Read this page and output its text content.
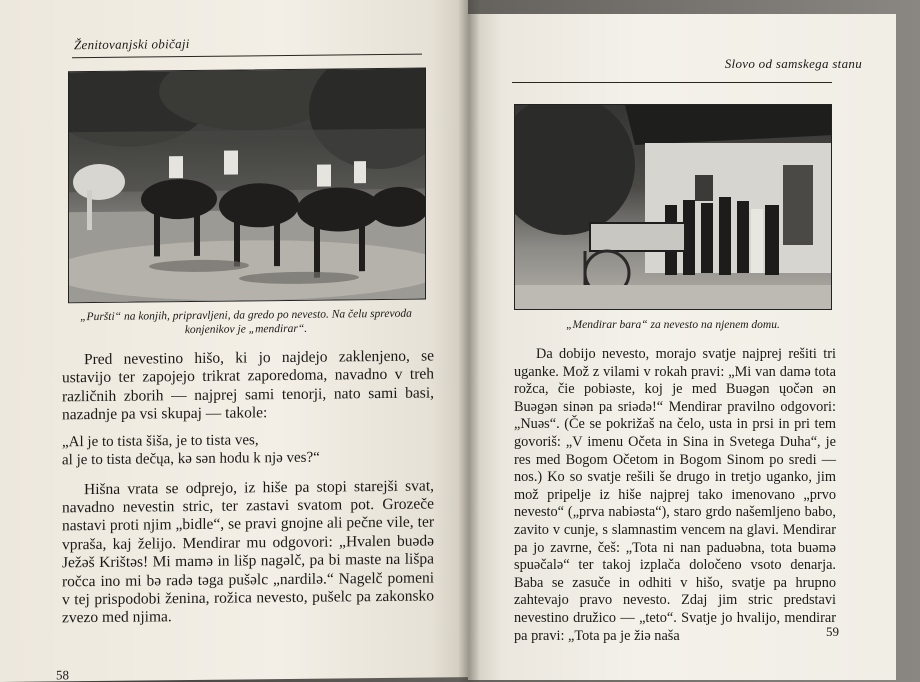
Ženitovanjski običaji
„Puršti“ na konjih, pripravljeni, da gredo po nevesto. Na čelu sprevoda konjenikov je „mendirar“.

Pred nevestino hišo, ki jo najdejo zaklenjeno, se ustavijo ter zapojejo trikrat zaporedoma, navadno v treh različnih zborih — najprej sami tenorji, nato sami basi, nazadnje pa vsi skupaj — takole:

„Al je to tista šiša, je to tista ves,
al je to tista dečųa, kə sən hodu k njə ves?“

Hišna vrata se odprejo, iz hiše pa stopi starejši svat, navadno nevestin stric, ter zastavi svatom pot. Grozeče nastavi proti njim „bidle“, se pravi gnojne ali pečne vile, ter vpraša, kaj želijo. Mendirar mu odgovori: „Hvalen buədə Ježəš Krištəs! Mi mamə in lišp nagəlč, pa bi maste na lišpa ročca ino mi bə radə tǝga pušəlc „nardilǝ.“ Nagelč pomeni v tej prispodobi ženina, rožica nevesto, pušelc pa zakonsko zvezo med njima.

58
Slovo od samskega stanu
„Mendirar bara“ za nevesto na njenem domu.

Da dobijo nevesto, morajo svatje najprej rešiti tri uganke. Mož z vilami v rokah pravi: „Mi van damə tota rožca, čie pobiəste, koj je med Buəgən ųočən ən Buəgən sinən pa sriədə!“ Mendirar pravilno odgovori: „Nuəs“. (Če se pokrižaš na čelo, usta in prsi in pri tem govoriš: „V imenu Očeta in Sina in Svetega Duha“, je res med Bogom Očetom in Bogom Sinom po sredi — nos.) Ko so svatje rešili še drugo in tretjo uganko, jim mož pripelje iz hiše najprej tako imenovano „prvo nevesto“ („prva nabiəsta“), staro grdo našemljeno babo, zavito v cunje, s slamnastim vencem na glavi. Mendirar pa jo zavrne, češ: „Tota ni nan paduəbna, tota buəmə spuəčalə“ ter takoj izplača določeno vsoto denarja. Baba se zasuče in odhiti v hišo, svatje pa hrupno zahtevajo pravo nevesto. Zdaj jim stric predstavi nevestino družico — „teto“. Svatje jo hvalijo, mendirar pa pravi: „Tota pa je žiə naša	59
